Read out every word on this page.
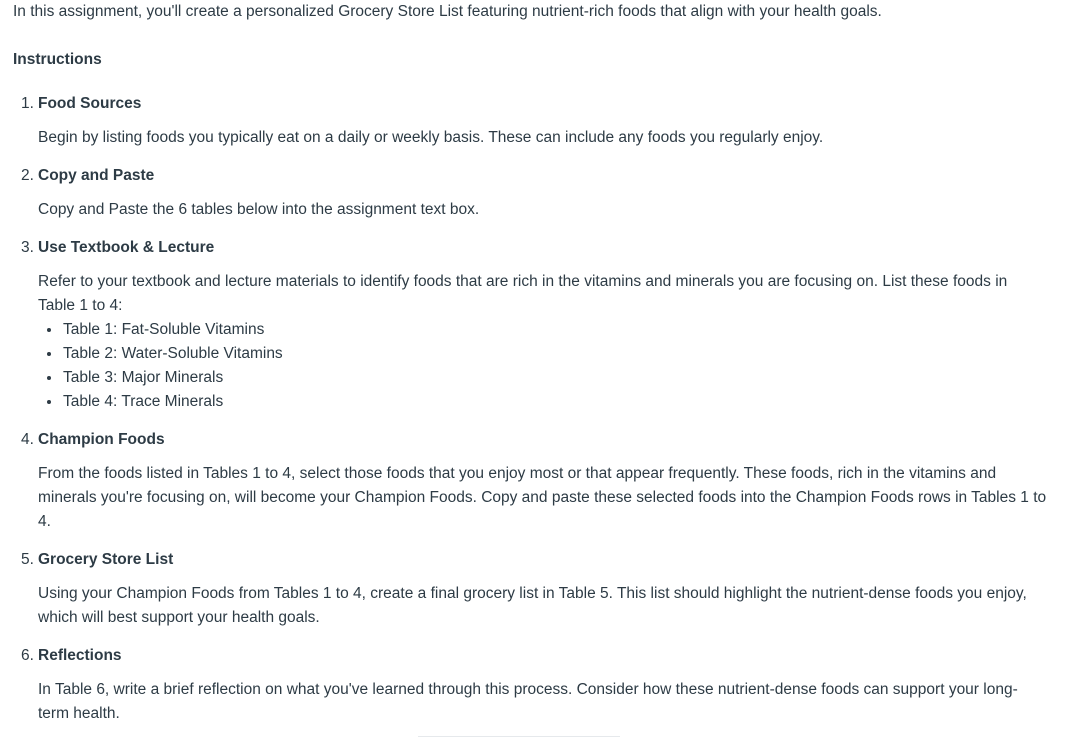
In this assignment, you'll create a personalized Grocery Store List featuring nutrient-rich foods that align with your health goals.
Instructions
1. Food Sources
Begin by listing foods you typically eat on a daily or weekly basis. These can include any foods you regularly enjoy.
2. Copy and Paste
Copy and Paste the 6 tables below into the assignment text box.
3. Use Textbook & Lecture
Refer to your textbook and lecture materials to identify foods that are rich in the vitamins and minerals you are focusing on. List these foods in Table 1 to 4:
Table 1: Fat-Soluble Vitamins
Table 2: Water-Soluble Vitamins
Table 3: Major Minerals
Table 4: Trace Minerals
4. Champion Foods
From the foods listed in Tables 1 to 4, select those foods that you enjoy most or that appear frequently. These foods, rich in the vitamins and minerals you're focusing on, will become your Champion Foods. Copy and paste these selected foods into the Champion Foods rows in Tables 1 to 4.
5. Grocery Store List
Using your Champion Foods from Tables 1 to 4, create a final grocery list in Table 5. This list should highlight the nutrient-dense foods you enjoy, which will best support your health goals.
6. Reflections
In Table 6, write a brief reflection on what you've learned through this process. Consider how these nutrient-dense foods can support your long-term health.
